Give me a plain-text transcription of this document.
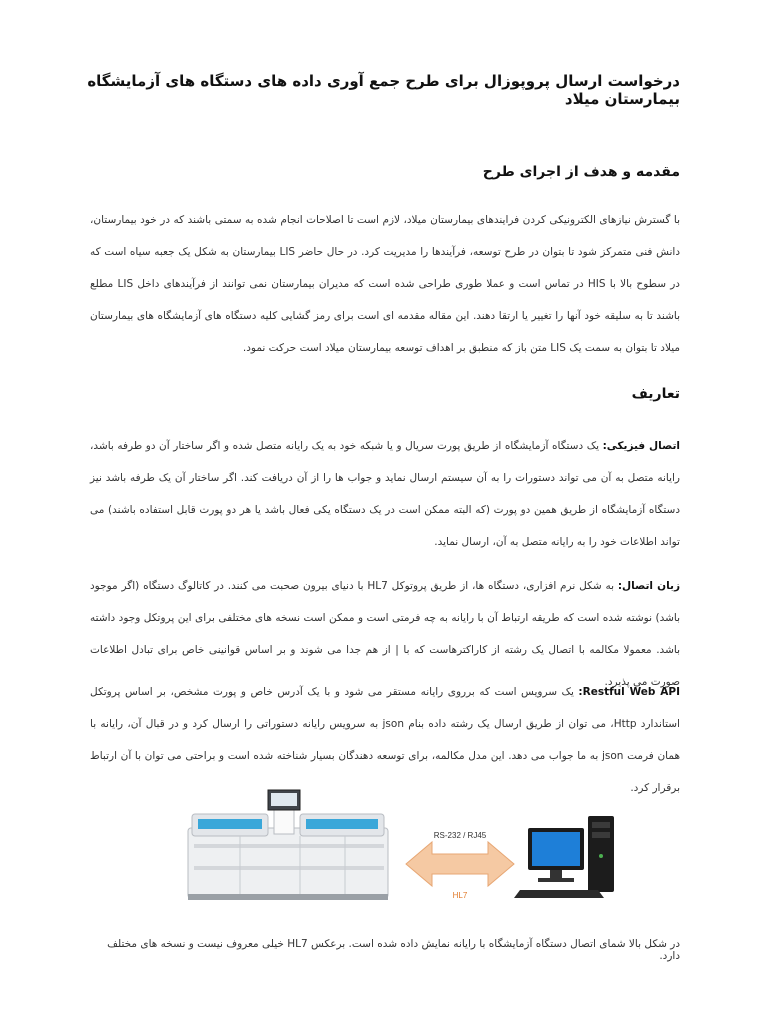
درخواست ارسال پروپوزال برای طرح جمع آوری داده های دستگاه های آزمایشگاه بیمارستان میلاد
مقدمه و هدف از اجرای طرح

با گسترش نیازهای الکترونیکی کردن فرایندهای بیمارستان میلاد، لازم است تا اصلاحات انجام شده به سمتی باشند که در خود بیمارستان، دانش فنی متمرکز شود تا بتوان در طرح توسعه، فرآیندها را مدیریت کرد. در حال حاضر LIS بیمارستان به شکل یک جعبه سیاه است که در سطوح بالا با HIS در تماس است و عملا طوری طراحی شده است که مدیران بیمارستان نمی توانند از فرآیندهای داخل LIS مطلع باشند تا به سلیقه خود آنها را تغییر یا ارتقا دهند. این مقاله مقدمه ای است برای رمز گشایی کلیه دستگاه های آزمایشگاه های بیمارستان میلاد تا بتوان به سمت یک LIS متن باز که منطبق بر اهداف توسعه بیمارستان میلاد است حرکت نمود.

تعاریف

اتصال فیزیکی: یک دستگاه آزمایشگاه از طریق پورت سریال و یا شبکه خود به یک رایانه متصل شده و اگر ساختار آن دو طرفه باشد، رایانه متصل به آن می تواند دستورات را به آن سیستم ارسال نماید و جواب ها را از آن دریافت کند. اگر ساختار آن یک طرفه باشد نیز دستگاه آزمایشگاه از طریق همین دو پورت (که البته ممکن است در یک دستگاه یکی فعال باشد یا هر دو پورت قابل استفاده باشند) می تواند اطلاعات خود را به رایانه متصل به آن، ارسال نماید.

زبان اتصال: به شکل نرم افزاری، دستگاه ها، از طریق پروتوکل HL7 با دنیای بیرون صحبت می کنند. در کاتالوگ دستگاه (اگر موجود باشد) نوشته شده است که طریقه ارتباط آن با رایانه به چه فرمتی است و ممکن است نسخه های مختلفی برای این پروتکل وجود داشته باشد. معمولا مکالمه با اتصال یک رشته از کاراکترهاست که با | از هم جدا می شوند و بر اساس قوانینی خاص برای تبادل اطلاعات صورت می پذیرد.

Restful Web API: یک سرویس است که برروی رایانه مستقر می شود و با یک آدرس خاص و پورت مشخص، بر اساس پروتکل استاندارد Http، می توان از طریق ارسال یک رشته داده بنام json به سرویس رایانه دستوراتی را ارسال کرد و در قبال آن، رایانه با همان فرمت json به ما جواب می دهد. این مدل مکالمه، برای توسعه دهندگان بسیار شناخته شده است و براحتی می توان با آن ارتباط برقرار کرد.

RS-232 / RJ45
HL7

در شکل بالا شمای اتصال دستگاه آزمایشگاه با رایانه نمایش داده شده است. برعکس HL7 خیلی معروف نیست و نسخه های مختلف دارد.
